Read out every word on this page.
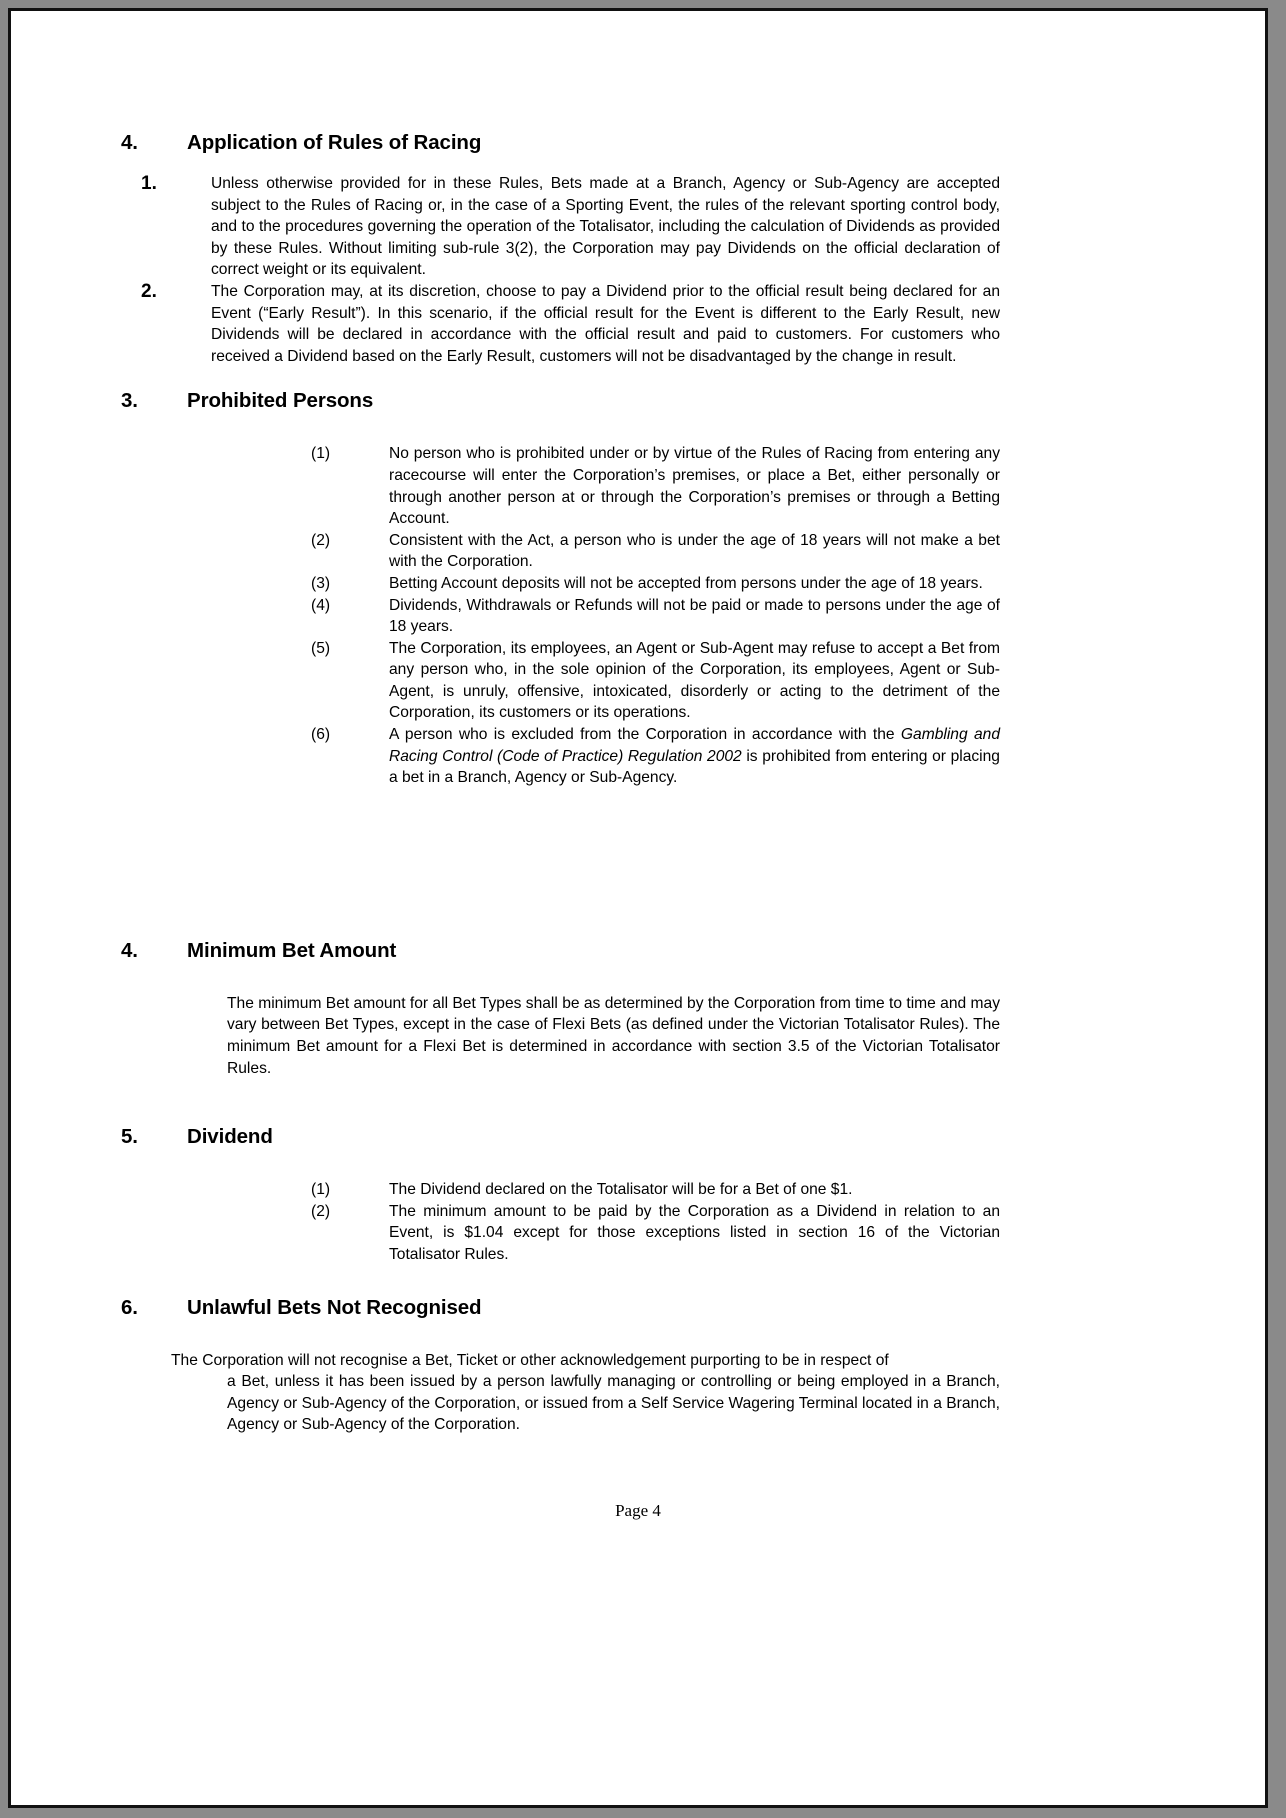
4.	Application of Rules of Racing
1.	Unless otherwise provided for in these Rules, Bets made at a Branch, Agency or Sub-Agency are accepted subject to the Rules of Racing or, in the case of a Sporting Event, the rules of the relevant sporting control body, and to the procedures governing the operation of the Totalisator, including the calculation of Dividends as provided by these Rules. Without limiting sub-rule 3(2), the Corporation may pay Dividends on the official declaration of correct weight or its equivalent.
2.	The Corporation may, at its discretion, choose to pay a Dividend prior to the official result being declared for an Event (“Early Result”). In this scenario, if the official result for the Event is different to the Early Result, new Dividends will be declared in accordance with the official result and paid to customers. For customers who received a Dividend based on the Early Result, customers will not be disadvantaged by the change in result.
3.	Prohibited Persons
(1)	No person who is prohibited under or by virtue of the Rules of Racing from entering any racecourse will enter the Corporation’s premises, or place a Bet, either personally or through another person at or through the Corporation’s premises or through a Betting Account.
(2)	Consistent with the Act, a person who is under the age of 18 years will not make a bet with the Corporation.
(3)	Betting Account deposits will not be accepted from persons under the age of 18 years.
(4)	Dividends, Withdrawals or Refunds will not be paid or made to persons under the age of 18 years.
(5)	The Corporation, its employees, an Agent or Sub-Agent may refuse to accept a Bet from any person who, in the sole opinion of the Corporation, its employees, Agent or Sub-Agent, is unruly, offensive, intoxicated, disorderly or acting to the detriment of the Corporation, its customers or its operations.
(6)	A person who is excluded from the Corporation in accordance with the Gambling and Racing Control (Code of Practice) Regulation 2002 is prohibited from entering or placing a bet in a Branch, Agency or Sub-Agency.
4.	Minimum Bet Amount
The minimum Bet amount for all Bet Types shall be as determined by the Corporation from time to time and may vary between Bet Types, except in the case of Flexi Bets (as defined under the Victorian Totalisator Rules). The minimum Bet amount for a Flexi Bet is determined in accordance with section 3.5 of the Victorian Totalisator Rules.
5.	Dividend
(1)	The Dividend declared on the Totalisator will be for a Bet of one $1.
(2)	The minimum amount to be paid by the Corporation as a Dividend in relation to an Event, is $1.04 except for those exceptions listed in section 16 of the Victorian Totalisator Rules.
6.	Unlawful Bets Not Recognised
The Corporation will not recognise a Bet, Ticket or other acknowledgement purporting to be in respect of
a Bet, unless it has been issued by a person lawfully managing or controlling or being employed in a Branch, Agency or Sub-Agency of the Corporation, or issued from a Self Service Wagering Terminal located in a Branch, Agency or Sub-Agency of the Corporation.
Page 4
